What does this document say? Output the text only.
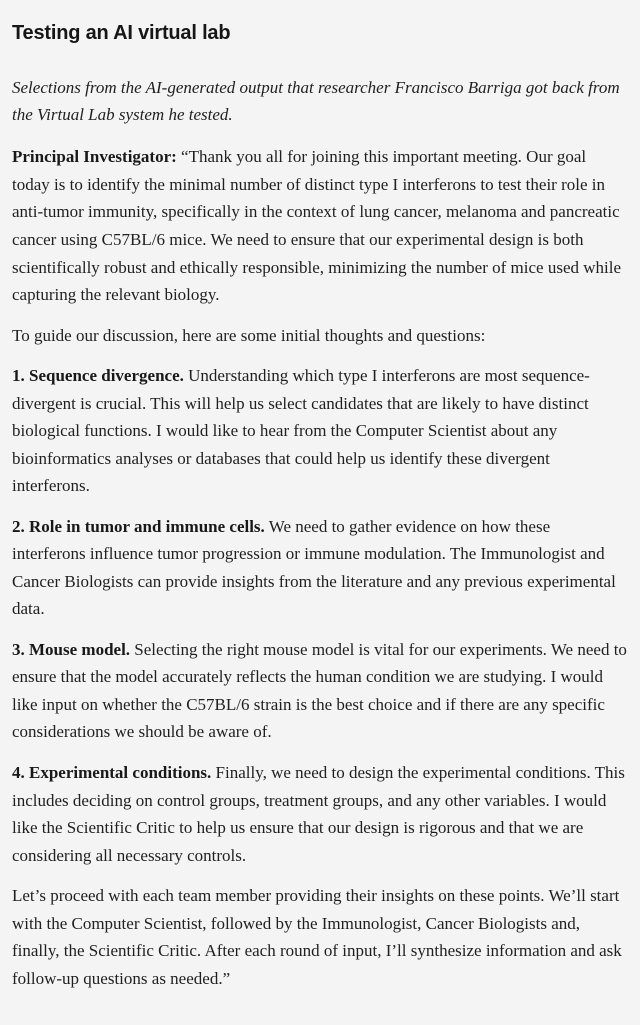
Testing an AI virtual lab

Selections from the AI-generated output that researcher Francisco Barriga got back from the Virtual Lab system he tested.

Principal Investigator: “Thank you all for joining this important meeting. Our goal today is to identify the minimal number of distinct type I interferons to test their role in anti-tumor immunity, specifically in the context of lung cancer, melanoma and pancreatic cancer using C57BL/6 mice. We need to ensure that our experimental design is both scientifically robust and ethically responsible, minimizing the number of mice used while capturing the relevant biology.

To guide our discussion, here are some initial thoughts and questions:

1. Sequence divergence. Understanding which type I interferons are most sequence-divergent is crucial. This will help us select candidates that are likely to have distinct biological functions. I would like to hear from the Computer Scientist about any bioinformatics analyses or databases that could help us identify these divergent interferons.

2. Role in tumor and immune cells. We need to gather evidence on how these interferons influence tumor progression or immune modulation. The Immunologist and Cancer Biologists can provide insights from the literature and any previous experimental data.

3. Mouse model. Selecting the right mouse model is vital for our experiments. We need to ensure that the model accurately reflects the human condition we are studying. I would like input on whether the C57BL/6 strain is the best choice and if there are any specific considerations we should be aware of.

4. Experimental conditions. Finally, we need to design the experimental conditions. This includes deciding on control groups, treatment groups, and any other variables. I would like the Scientific Critic to help us ensure that our design is rigorous and that we are considering all necessary controls.

Let’s proceed with each team member providing their insights on these points. We’ll start with the Computer Scientist, followed by the Immunologist, Cancer Biologists and, finally, the Scientific Critic. After each round of input, I’ll synthesize information and ask follow-up questions as needed.”
